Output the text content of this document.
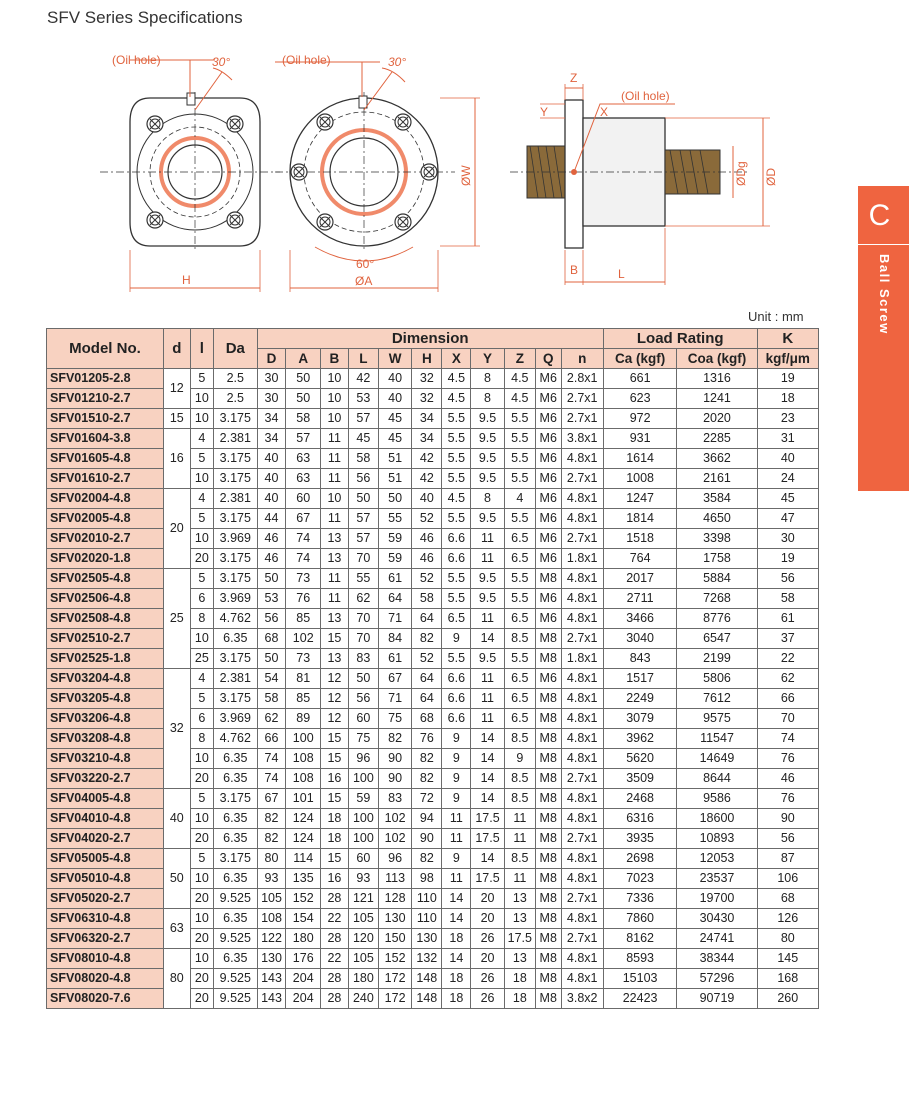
SFV Series Specifications
(Oil hole)	30°	(Oil hole)	30°
H
60°
ØA
Z
Y	X
(Oil hole)
B	L
ØW	ØDg ØD
C
Ball Screw
Unit : mm
Model No.	d	l	Da	Dimension											Load Rating		K
				D	A	B	L	W	H	X	Y	Z	Q	n	Ca (kgf)	Coa (kgf)	kgf/μm
SFV01205-2.8	12	5	2.5	30	50	10	42	40	32	4.5	8	4.5	M6	2.8x1	661	1316	19
SFV01210-2.7		10	2.5	30	50	10	53	40	32	4.5	8	4.5	M6	2.7x1	623	1241	18
SFV01510-2.7	15	10	3.175	34	58	10	57	45	34	5.5	9.5	5.5	M6	2.7x1	972	2020	23
SFV01604-3.8	16	4	2.381	34	57	11	45	45	34	5.5	9.5	5.5	M6	3.8x1	931	2285	31
SFV01605-4.8		5	3.175	40	63	11	58	51	42	5.5	9.5	5.5	M6	4.8x1	1614	3662	40
SFV01610-2.7		10	3.175	40	63	11	56	51	42	5.5	9.5	5.5	M6	2.7x1	1008	2161	24
SFV02004-4.8	20	4	2.381	40	60	10	50	50	40	4.5	8	4	M6	4.8x1	1247	3584	45
SFV02005-4.8		5	3.175	44	67	11	57	55	52	5.5	9.5	5.5	M6	4.8x1	1814	4650	47
SFV02010-2.7		10	3.969	46	74	13	57	59	46	6.6	11	6.5	M6	2.7x1	1518	3398	30
SFV02020-1.8		20	3.175	46	74	13	70	59	46	6.6	11	6.5	M6	1.8x1	764	1758	19
SFV02505-4.8	25	5	3.175	50	73	11	55	61	52	5.5	9.5	5.5	M8	4.8x1	2017	5884	56
SFV02506-4.8		6	3.969	53	76	11	62	64	58	5.5	9.5	5.5	M6	4.8x1	2711	7268	58
SFV02508-4.8		8	4.762	56	85	13	70	71	64	6.5	11	6.5	M6	4.8x1	3466	8776	61
SFV02510-2.7		10	6.35	68	102	15	70	84	82	9	14	8.5	M8	2.7x1	3040	6547	37
SFV02525-1.8		25	3.175	50	73	13	83	61	52	5.5	9.5	5.5	M8	1.8x1	843	2199	22
SFV03204-4.8	32	4	2.381	54	81	12	50	67	64	6.6	11	6.5	M6	4.8x1	1517	5806	62
SFV03205-4.8		5	3.175	58	85	12	56	71	64	6.6	11	6.5	M8	4.8x1	2249	7612	66
SFV03206-4.8		6	3.969	62	89	12	60	75	68	6.6	11	6.5	M8	4.8x1	3079	9575	70
SFV03208-4.8		8	4.762	66	100	15	75	82	76	9	14	8.5	M8	4.8x1	3962	11547	74
SFV03210-4.8		10	6.35	74	108	15	96	90	82	9	14	9	M8	4.8x1	5620	14649	76
SFV03220-2.7		20	6.35	74	108	16	100	90	82	9	14	8.5	M8	2.7x1	3509	8644	46
SFV04005-4.8	40	5	3.175	67	101	15	59	83	72	9	14	8.5	M8	4.8x1	2468	9586	76
SFV04010-4.8		10	6.35	82	124	18	100	102	94	11	17.5	11	M8	4.8x1	6316	18600	90
SFV04020-2.7		20	6.35	82	124	18	100	102	90	11	17.5	11	M8	2.7x1	3935	10893	56
SFV05005-4.8	50	5	3.175	80	114	15	60	96	82	9	14	8.5	M8	4.8x1	2698	12053	87
SFV05010-4.8		10	6.35	93	135	16	93	113	98	11	17.5	11	M8	4.8x1	7023	23537	106
SFV05020-2.7		20	9.525	105	152	28	121	128	110	14	20	13	M8	2.7x1	7336	19700	68
SFV06310-4.8	63	10	6.35	108	154	22	105	130	110	14	20	13	M8	4.8x1	7860	30430	126
SFV06320-2.7		20	9.525	122	180	28	120	150	130	18	26	17.5	M8	2.7x1	8162	24741	80
SFV08010-4.8	80	10	6.35	130	176	22	105	152	132	14	20	13	M8	4.8x1	8593	38344	145
SFV08020-4.8		20	9.525	143	204	28	180	172	148	18	26	18	M8	4.8x1	15103	57296	168
SFV08020-7.6		20	9.525	143	204	28	240	172	148	18	26	18	M8	3.8x2	22423	90719	260
